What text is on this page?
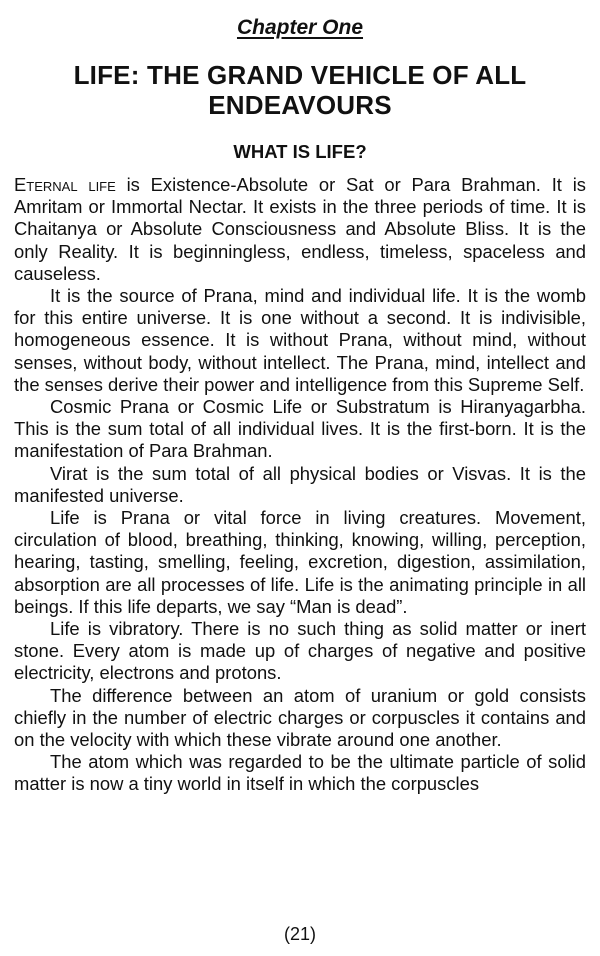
Chapter One
LIFE: THE GRAND VEHICLE OF ALL
ENDEAVOURS
WHAT IS LIFE?

Eternal life is Existence-Absolute or Sat or Para Brahman. It is Amritam or Immortal Nectar. It exists in the three periods of time. It is Chaitanya or Absolute Consciousness and Absolute Bliss. It is the only Reality. It is beginningless, endless, timeless, spaceless and causeless.

It is the source of Prana, mind and individual life. It is the womb for this entire universe. It is one without a second. It is indivisible, homogeneous essence. It is without Prana, without mind, without senses, without body, without intellect. The Prana, mind, intellect and the senses derive their power and intelligence from this Supreme Self.

Cosmic Prana or Cosmic Life or Substratum is Hiranyagarbha. This is the sum total of all individual lives. It is the first-born. It is the manifestation of Para Brahman.

Virat is the sum total of all physical bodies or Visvas. It is the manifested universe.

Life is Prana or vital force in living creatures. Movement, circulation of blood, breathing, thinking, knowing, willing, perception, hearing, tasting, smelling, feeling, excretion, digestion, assimilation, absorption are all processes of life. Life is the animating principle in all beings. If this life departs, we say “Man is dead”.

Life is vibratory. There is no such thing as solid matter or inert stone. Every atom is made up of charges of negative and positive electricity, electrons and protons.

The difference between an atom of uranium or gold consists chiefly in the number of electric charges or corpuscles it contains and on the velocity with which these vibrate around one another.

The atom which was regarded to be the ultimate particle of solid matter is now a tiny world in itself in which the corpuscles

(21)
